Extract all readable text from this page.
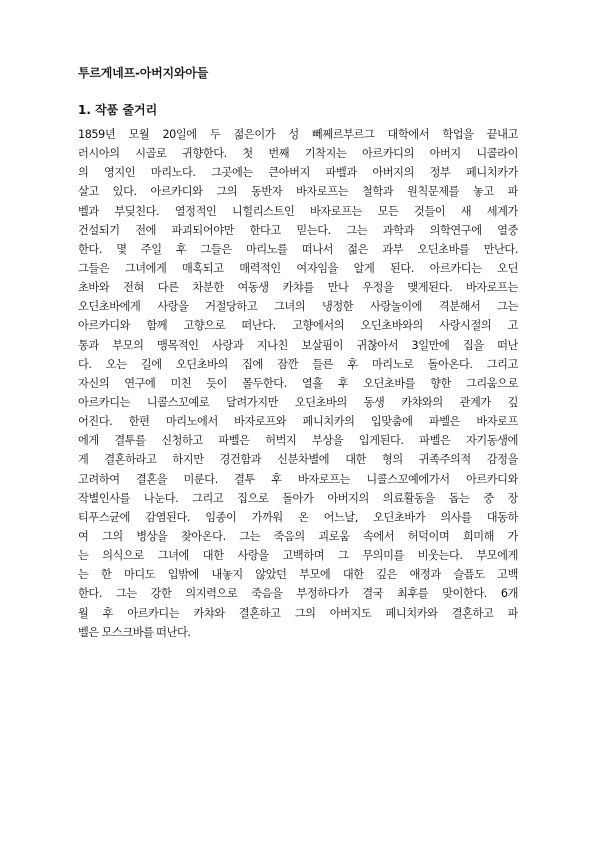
투르게네프-아버지와아들
1. 작품 줄거리
1859년 모월 20일에 두 젊은이가 성 뻬쩨르부르그 대학에서 학업을 끝내고
러시아의 시골로 귀향한다. 첫 번째 기착지는 아르카디의 아버지 니콜라이
의 영지인 마리노다. 그곳에는 큰아버지 파벨과 아버지의 정부 페니치카가
살고 있다. 아르카디와 그의 동반자 바자로프는 철학과 원칙문제를 놓고 파
벨과 부딪친다. 열정적인 니힐리스트인 바자로프는 모든 것들이 새 세계가
건설되기 전에 파괴되어야만 한다고 믿는다. 그는 과학과 의학연구에 열중
한다. 몇 주일 후 그들은 마리노를 떠나서 젊은 과부 오딘초바를 만난다.
그들은 그녀에게 매혹되고 매력적인 여자임을 알게 된다. 아르카디는 오딘
초바와 전혀 다른 차분한 여동생 카챠를 만나 우정을 맺게된다. 바자로프는
오딘초바에게 사랑을 거절당하고 그녀의 냉정한 사랑놀이에 격분해서 그는
아르카디와 함께 고향으로 떠난다. 고향에서의 오딘초바와의 사랑시절의 고
통과 부모의 맹목적인 사랑과 지나친 보살핌이 귀찮아서 3일만에 집을 떠난
다. 오는 길에 오딘초바의 집에 잠깐 들른 후 마리노로 돌아온다. 그리고
자신의 연구에 미친 듯이 몰두한다. 열흘 후 오딘초바를 향한 그리움으로
아르카디는 니콜스꼬예로 달려가지만 오딘초바의 동생 카챠와의 관계가 깊
어진다. 한편 마리노에서 바자로프와 페니치카의 입맞춤에 파벨은 바자로프
에게 결투를 신청하고 파벨은 허벅지 부상을 입게된다. 파벨은 자기동생에
게 결혼하라고 하지만 경건함과 신분차별에 대한 형의 귀족주의적 감정을
고려하여 결혼을 미룬다. 결투 후 바자로프는 니콜스꼬예에가서 아르카디와
작별인사를 나눈다. 그리고 집으로 돌아가 아버지의 의료활동을 돕는 중 장
티푸스균에 감염된다. 임종이 가까워 온 어느날, 오딘초바가 의사를 대동하
여 그의 병상을 찾아온다. 그는 죽음의 괴로움 속에서 허덕이며 희미해 가
는 의식으로 그녀에 대한 사랑을 고백하며 그 무의미를 비웃는다. 부모에게
는 한 마디도 입밖에 내놓지 않았던 부모에 대한 깊은 애정과 슬픔도 고백
한다. 그는 강한 의지력으로 죽음을 부정하다가 결국 최후를 맞이한다. 6개
월 후 아르카디는 카챠와 결혼하고 그의 아버지도 페니치카와 결혼하고 파
벨은 모스크바를 떠난다.
